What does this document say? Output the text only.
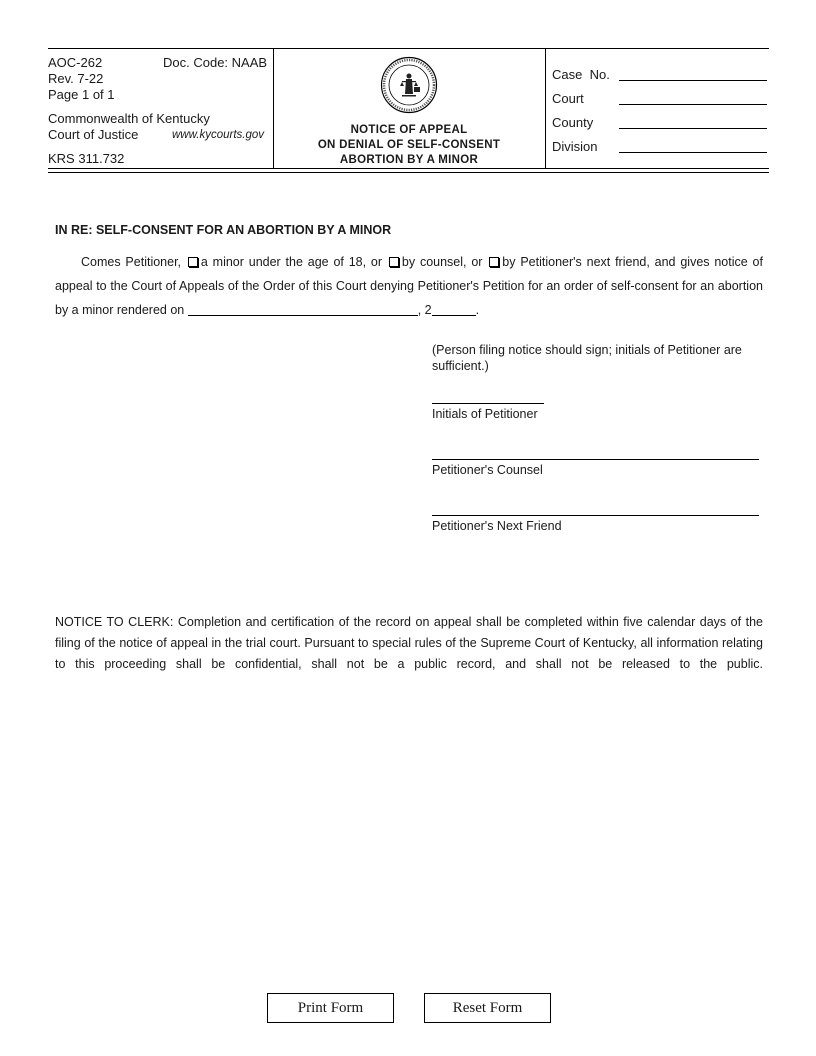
AOC-262	Doc. Code: NAAB
Rev. 7-22
Page 1 of 1
Commonwealth of Kentucky
Court of Justice	www.kycourts.gov
KRS 311.732
NOTICE OF APPEAL
ON DENIAL OF SELF-CONSENT
ABORTION BY A MINOR
Case  No.
Court
County
Division
IN RE: SELF-CONSENT FOR AN ABORTION BY A MINOR
Comes Petitioner, a minor under the age of 18, or by counsel, or by Petitioner's next friend, and gives notice of appeal to the Court of Appeals of the Order of this Court denying Petitioner's Petition for an order of self-consent for an abortion by a minor rendered on	, 2	.
(Person filing notice should sign; initials of Petitioner are sufficient.)
Initials of Petitioner
Petitioner's Counsel
Petitioner's Next Friend
NOTICE TO CLERK: Completion and certification of the record on appeal shall be completed within five calendar days of the filing of the notice of appeal in the trial court. Pursuant to special rules of the Supreme Court of Kentucky, all information relating to this proceeding shall be confidential, shall not be a public record, and shall not be released to the public.
Print Form	Reset Form
